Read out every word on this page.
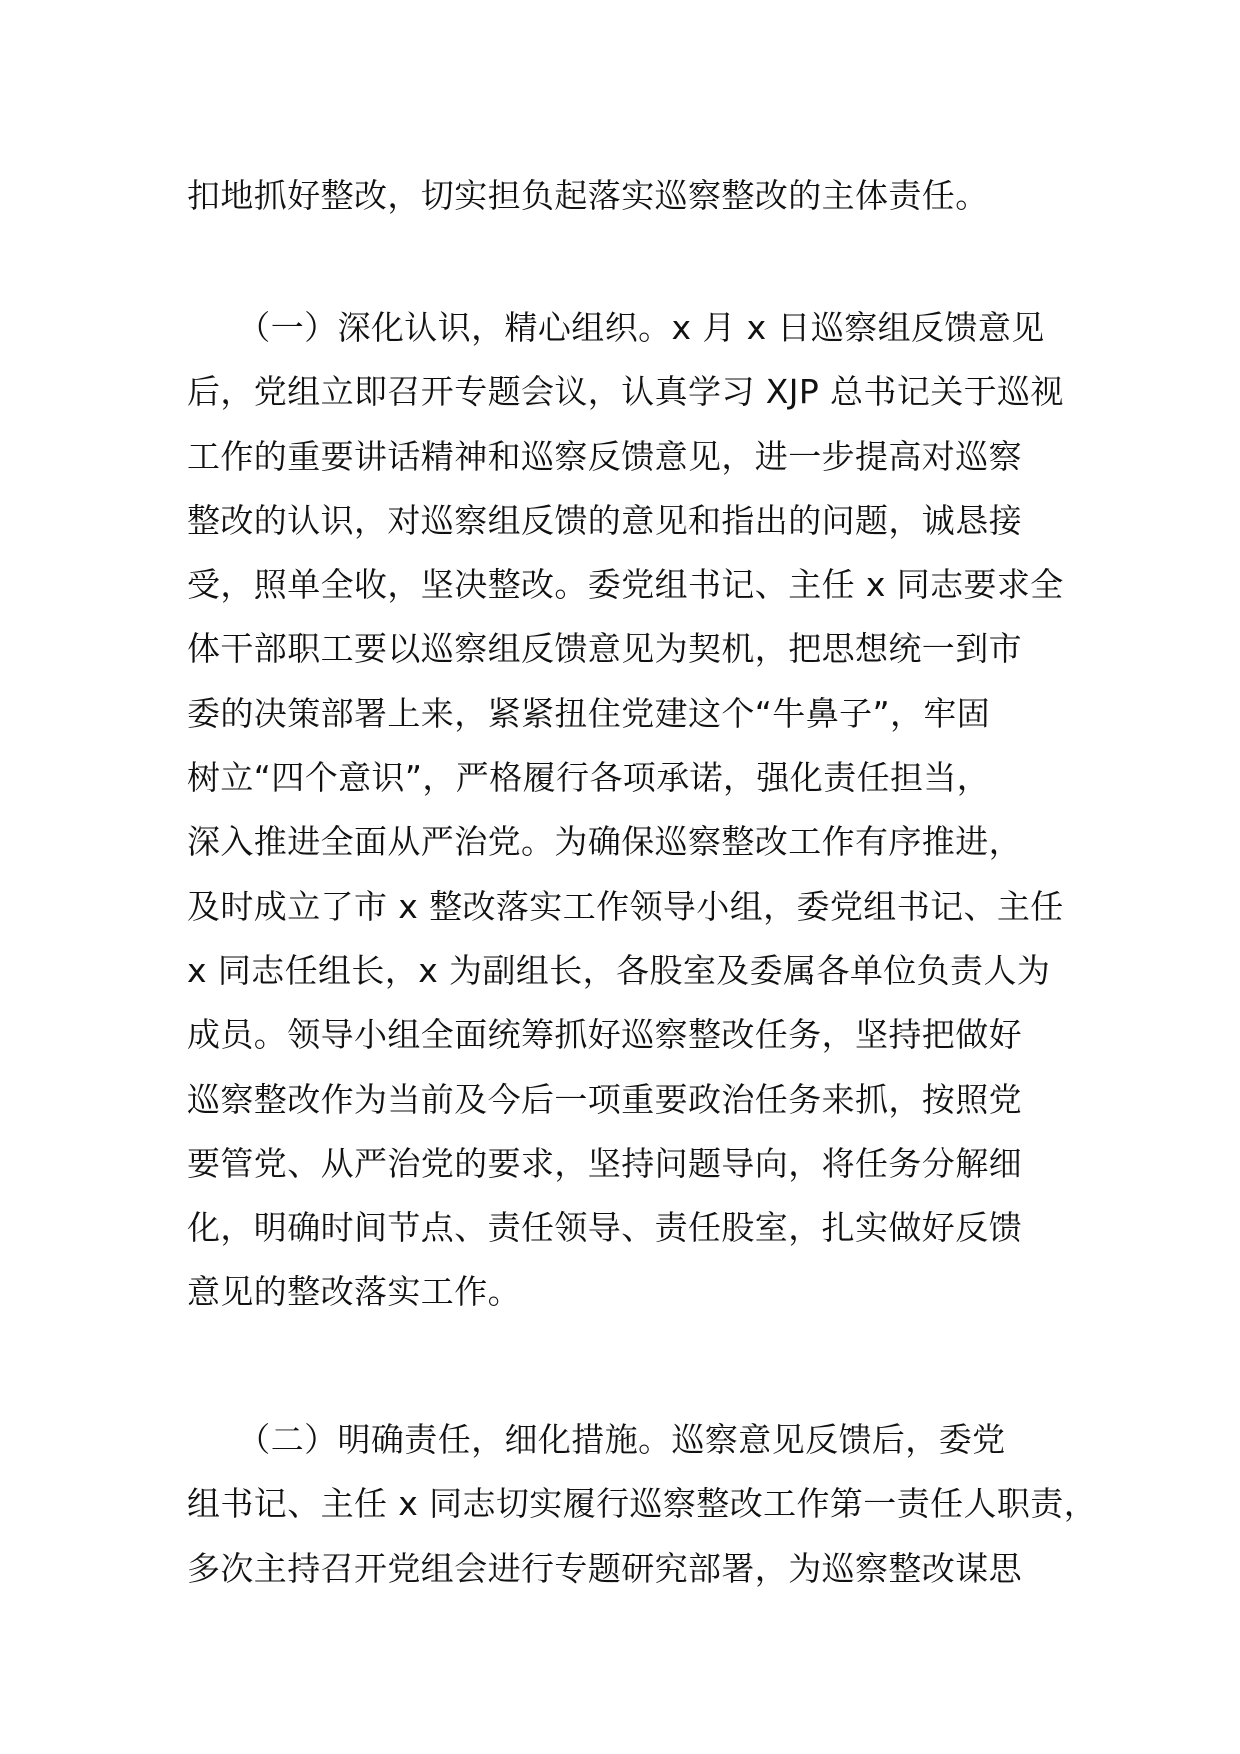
扣地抓好整改，切实担负起落实巡察整改的主体责任。
　　（一）深化认识，精心组织。x 月 x 日巡察组反馈意见
后，党组立即召开专题会议，认真学习 XJP 总书记关于巡视
工作的重要讲话精神和巡察反馈意见，进一步提高对巡察
整改的认识，对巡察组反馈的意见和指出的问题，诚恳接
受，照单全收，坚决整改。委党组书记、主任 x 同志要求全
体干部职工要以巡察组反馈意见为契机，把思想统一到市
委的决策部署上来，紧紧扭住党建这个“牛鼻子”，牢固
树立“四个意识”，严格履行各项承诺，强化责任担当，
深入推进全面从严治党。为确保巡察整改工作有序推进，
及时成立了市 x 整改落实工作领导小组，委党组书记、主任
x 同志任组长，x 为副组长，各股室及委属各单位负责人为
成员。领导小组全面统筹抓好巡察整改任务，坚持把做好
巡察整改作为当前及今后一项重要政治任务来抓，按照党
要管党、从严治党的要求，坚持问题导向，将任务分解细
化，明确时间节点、责任领导、责任股室，扎实做好反馈
意见的整改落实工作。
　　（二）明确责任，细化措施。巡察意见反馈后，委党
组书记、主任 x 同志切实履行巡察整改工作第一责任人职责，
多次主持召开党组会进行专题研究部署，为巡察整改谋思
